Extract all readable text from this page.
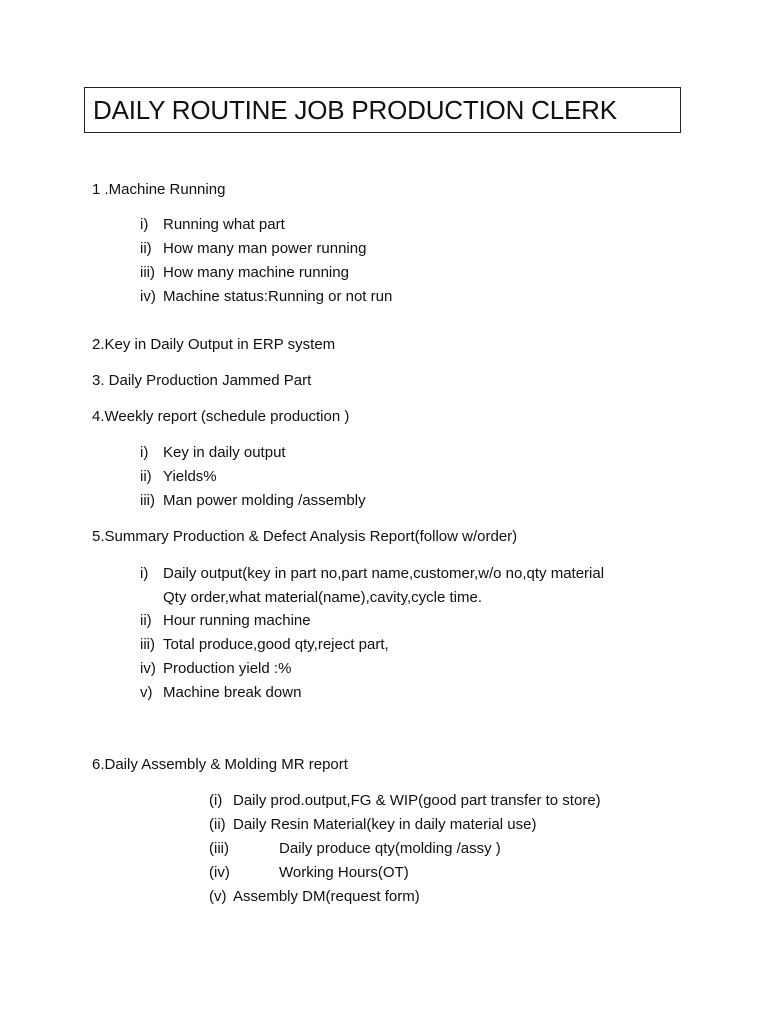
DAILY ROUTINE JOB PRODUCTION CLERK
1 .Machine Running
i) Running what part
ii) How many man power running
iii) How many machine running
iv) Machine status:Running or not run
2.Key in Daily Output in ERP system
3. Daily Production Jammed Part
4.Weekly report (schedule production )
i) Key in daily output
ii) Yields%
iii) Man power molding /assembly
5.Summary Production & Defect Analysis Report(follow w/order)
i) Daily output(key in part no,part name,customer,w/o no,qty material
Qty order,what material(name),cavity,cycle time.
ii) Hour running machine
iii) Total produce,good qty,reject part,
iv) Production yield :%
v) Machine break down
6.Daily Assembly & Molding MR report
(i) Daily prod.output,FG & WIP(good part transfer to store)
(ii) Daily Resin Material(key in daily material use)
(iii)	Daily produce qty(molding /assy )
(iv)	Working Hours(OT)
(v) Assembly DM(request form)
